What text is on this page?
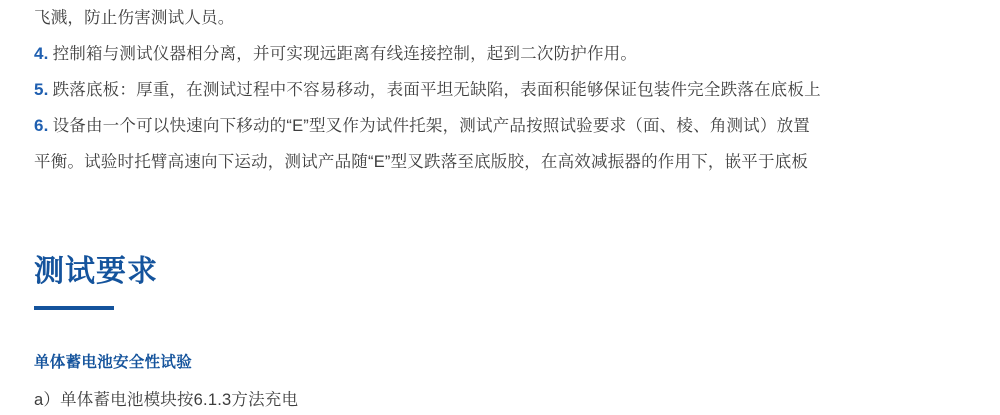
飞溅，防止伤害测试人员。
4. 控制箱与测试仪器相分离，并可实现远距离有线连接控制，起到二次防护作用。
5. 跌落底板：厚重，在测试过程中不容易移动，表面平坦无缺陷，表面积能够保证包装件完全跌落在底板上
6. 设备由一个可以快速向下移动的“E”型叉作为试件托架，测试产品按照试验要求（面、棱、角测试）放置
平衡。试验时托臂高速向下运动，测试产品随“E”型叉跌落至底版胶，在高效减振器的作用下，嵌平于底板
测试要求
单体蓄电池安全性试验
a）单体蓄电池模块按6.1.3方法充电
